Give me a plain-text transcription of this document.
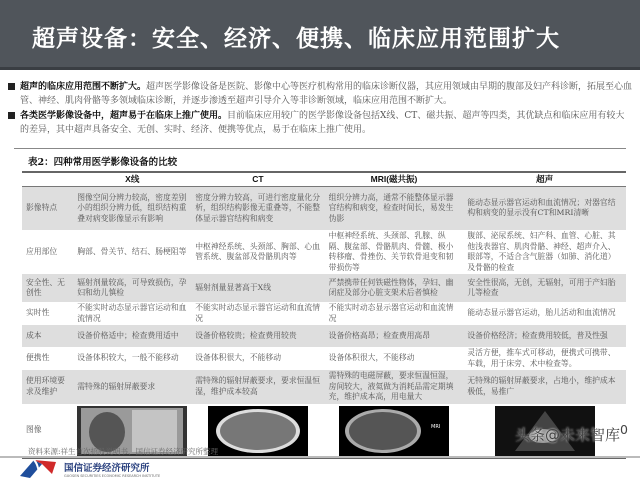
超声设备：安全、经济、便携、临床应用范围扩大
超声的临床应用范围不断扩大。超声医学影像设备是医院、影像中心等医疗机构常用的临床诊断仪器，其应用领域由早期的腹部及妇产科诊断，拓展至心血管、神经、肌肉骨骼等多领域临床诊断，并逐步渗透至超声引导介入等非诊断领域，临床应用范围不断扩大。
各类医学影像设备中，超声易于在临床上推广使用。目前临床应用较广的医学影像设备包括X线、CT、磁共振、超声等四类，其优缺点和临床应用有较大的差异，其中超声具备安全、无创、实时、经济、便携等优点，易于在临床上推广使用。
表2：四种常用医学影像设备的比较
	X线	CT	MRI(磁共振)	超声
影像特点	图像空间分辨力较高，密度差别小的组织分辨力低，组织结构重叠对病变影像显示有影响	密度分辨力较高，可进行密度量化分析，组织结构影像无重叠等，不能整体显示器官结构和病变	组织分辨力高，通常不能整体显示器官结构和病变，检查时间长，易发生伪影	能动态显示器官运动和血流情况；对器官结构和病变的显示没有CT和MRI清晰
应用部位	胸部、骨关节、结石、肠梗阻等	中枢神经系统、头颈部、胸部、心血管系统、腹盆部及骨骼肌肉等	中枢神经系统、头颈部、乳腺、纵隔、腹盆部、骨骼肌肉、骨髓、极小转移瘤、骨挫伤、关节软骨退变和韧带损伤等	腹部、泌尿系统、妇产科、血管、心脏、其他浅表器官、肌肉骨骼、神经、超声介入、眼部等，不适合含气脏器（如肺、消化道）及骨骼的检查
安全性、无创性	辐射剂量较高，可导致损伤，孕妇和幼儿慎检	辐射剂量显著高于X线	严禁携带任何铁磁性物体，孕妇、幽闭症及部分心脏支架术后者慎检	安全性很高，无创，无辐射，可用于产妇胎儿等检查
实时性	不能实时动态显示器官运动和血流情况	不能实时动态显示器官运动和血流情况	不能实时动态显示器官运动和血流情况	能动态显示器官运动，胎儿活动和血流情况
成本	设备价格适中；检查费用适中	设备价格较贵；检查费用较贵	设备价格高昂；检查费用高昂	设备价格经济；检查费用较低，普及性强
便携性	设备体积较大，一般不能移动	设备体积很大，不能移动	设备体积很大，不能移动	灵活方便，推车式可移动，便携式可携带、车载，用于床旁、术中检查等。
使用环境要求及维护	需特殊的辐射屏蔽要求	需特殊的辐射屏蔽要求，要求恒温恒湿，维护成本较高	需特殊的电磁屏蔽，要求恒温恒湿，房间较大，液氦做为消耗品需定期填充，维护成本高，用电量大	无特殊的辐射屏蔽要求，占地小，维护成本极低，易推广
图像			MRI

资料来源:祥生首次招股说明书、国信证券经济研究所整理
国信证券经济研究所
GUOSEN SECURITIES ECONOMIC RESEARCH INSTITUTE
头条@未来智库$^0$
